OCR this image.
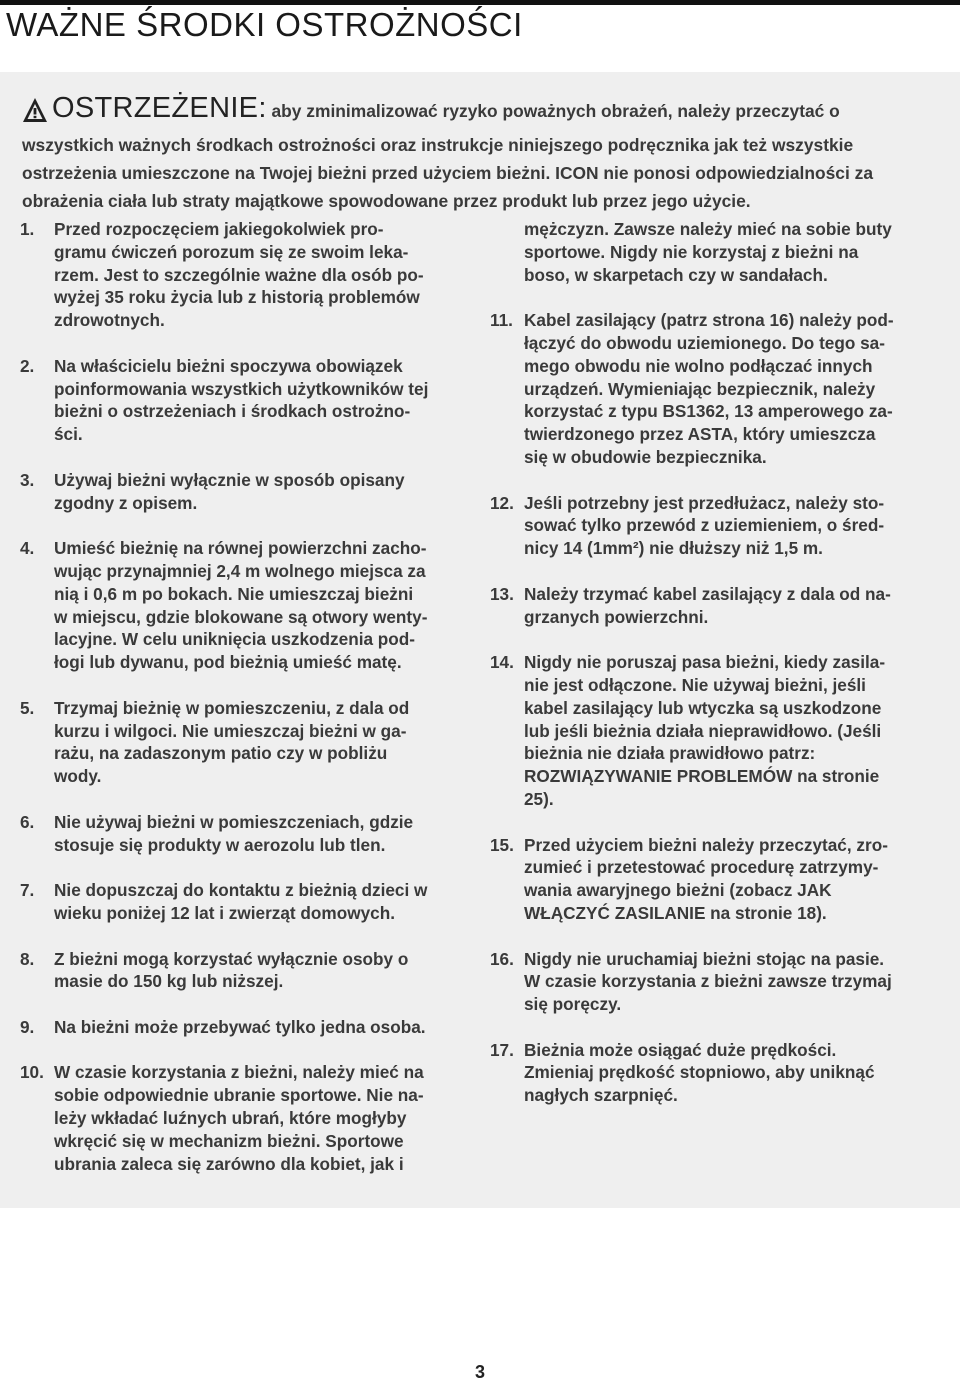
WAŻNE ŚRODKI OSTROŻNOŚCI
OSTRZEŻENIE: aby zminimalizować ryzyko poważnych obrażeń, należy przeczytać o wszystkich ważnych środkach ostrożności oraz instrukcje niniejszego podręcznika jak też wszystkie ostrzeżenia umieszczone na Twojej bieżni przed użyciem bieżni. ICON nie ponosi odpowiedzialności za obrażenia ciała lub straty majątkowe spowodowane przez produkt lub przez jego użycie.
1.	Przed rozpoczęciem jakiegokolwiek pro-
gramu ćwiczeń porozum się ze swoim leka-
rzem. Jest to szczególnie ważne dla osób po-
wyżej 35 roku życia lub z historią problemów
zdrowotnych.
2.	Na właścicielu bieżni spoczywa obowiązek
poinformowania wszystkich użytkowników tej
bieżni o ostrzeżeniach i środkach ostrożno-
ści.
3.	Używaj bieżni wyłącznie w sposób opisany
zgodny z opisem.
4.	Umieść bieżnię na równej powierzchni zacho-
wując przynajmniej 2,4 m wolnego miejsca za
nią i 0,6 m po bokach. Nie umieszczaj bieżni
w miejscu, gdzie blokowane są otwory wenty-
lacyjne. W celu uniknięcia uszkodzenia pod-
łogi lub dywanu, pod bieżnią umieść matę.
5.	Trzymaj bieżnię w pomieszczeniu, z dala od
kurzu i wilgoci. Nie umieszczaj bieżni w ga-
rażu, na zadaszonym patio czy w pobliżu
wody.
6.	Nie używaj bieżni w pomieszczeniach, gdzie
stosuje się produkty w aerozolu lub tlen.
7.	Nie dopuszczaj do kontaktu z bieżnią dzieci w
wieku poniżej 12 lat i zwierząt domowych.
8.	Z bieżni mogą korzystać wyłącznie osoby o
masie do 150 kg lub niższej.
9.	Na bieżni może przebywać tylko jedna osoba.
10. W czasie korzystania z bieżni, należy mieć na
sobie odpowiednie ubranie sportowe. Nie na-
leży wkładać luźnych ubrań, które mogłyby
wkręcić się w mechanizm bieżni. Sportowe
ubrania zaleca się zarówno dla kobiet, jak i
mężczyzn. Zawsze należy mieć na sobie buty
sportowe. Nigdy nie korzystaj z bieżni na
boso, w skarpetach czy w sandałach.
11. Kabel zasilający (patrz strona 16) należy pod-
łączyć do obwodu uziemionego. Do tego sa-
mego obwodu nie wolno podłączać innych
urządzeń. Wymieniając bezpiecznik, należy
korzystać z typu BS1362, 13 amperowego za-
twierdzonego przez ASTA, który umieszcza
się w obudowie bezpiecznika.
12. Jeśli potrzebny jest przedłużacz, należy sto-
sować tylko przewód z uziemieniem, o śred-
nicy 14 (1mm²) nie dłuższy niż 1,5 m.
13. Należy trzymać kabel zasilający z dala od na-
grzanych powierzchni.
14. Nigdy nie poruszaj pasa bieżni, kiedy zasila-
nie jest odłączone. Nie używaj bieżni, jeśli
kabel zasilający lub wtyczka są uszkodzone
lub jeśli bieżnia działa nieprawidłowo. (Jeśli
bieżnia nie działa prawidłowo patrz:
ROZWIĄZYWANIE PROBLEMÓW na stronie
25).
15. Przed użyciem bieżni należy przeczytać, zro-
zumieć i przetestować procedurę zatrzymy-
wania awaryjnego bieżni (zobacz JAK
WŁĄCZYĆ ZASILANIE na stronie 18).
16. Nigdy nie uruchamiaj bieżni stojąc na pasie.
W czasie korzystania z bieżni zawsze trzymaj
się poręczy.
17. Bieżnia może osiągać duże prędkości.
Zmieniaj prędkość stopniowo, aby uniknąć
nagłych szarpnięć.
3
